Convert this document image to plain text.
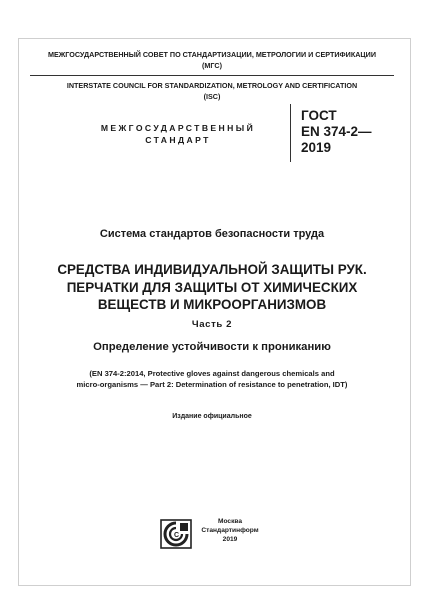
МЕЖГОСУДАРСТВЕННЫЙ СОВЕТ ПО СТАНДАРТИЗАЦИИ, МЕТРОЛОГИИ И СЕРТИФИКАЦИИ
(МГС)
INTERSTATE COUNCIL FOR STANDARDIZATION, METROLOGY AND CERTIFICATION
(ISC)
МЕЖГОСУДАРСТВЕННЫЙ
СТАНДАРТ
ГОСТ
EN 374-2—
2019
Система стандартов безопасности труда
СРЕДСТВА ИНДИВИДУАЛЬНОЙ ЗАЩИТЫ РУК.
ПЕРЧАТКИ ДЛЯ ЗАЩИТЫ ОТ ХИМИЧЕСКИХ
ВЕЩЕСТВ И МИКРООРГАНИЗМОВ
Часть 2
Определение устойчивости к прониканию
(EN 374-2:2014, Protective gloves against dangerous chemicals and
micro-organisms — Part 2: Determination of resistance to penetration, IDT)
Издание официальное
С
Москва
Стандартинформ
2019
